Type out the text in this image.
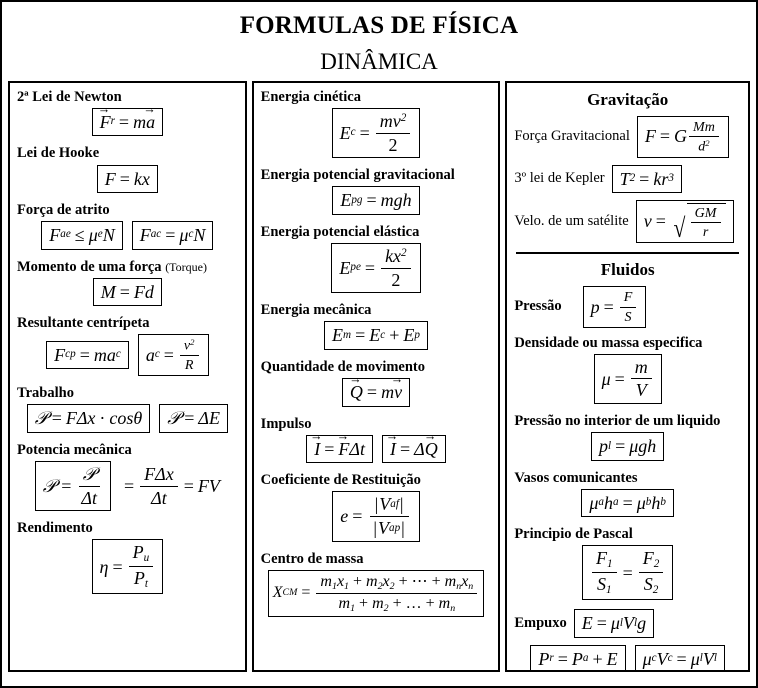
FORMULAS DE FÍSICA
DINÂMICA
2ª Lei de Newton
F → r = m a →
Lei de Hooke
F = kx
Força de atrito
F ae ≤ μ e N F ac = μ c N
Momento de uma força (Torque)
M = Fd
Resultante centrípeta
F cp = ma c a $c = \frac{v^2}{R}$
Trabalho
𝒫 = FΔx · cosθ 𝒫 = ΔE
Potencia mecânica
𝒫  = $\frac{\text{𝒫}}{\Delta t} = \frac{\text{FΔx}}{\Delta t}$ = FV
Rendimento
$\eta = \frac{P_u}{P_t}$
Energia cinética
E $c = \frac{mv^2}{2}$
Energia potencial gravitacional
E pg = mgh
Energia potencial elástica
E pe = $\frac{kx^2}{2}$
Energia mecânica
E m = E c + E p
Quantidade de movimento
Q → = m v →
Impulso
I → = F → Δt I → = Δ Q →
Coeficiente de Restituição
$e = \frac{\text{| V af |}}{\text{| V ap |}}$
Centro de massa
X CM = $\frac{m_1x_1 + m_2x_2 + \cdots + m_nx_n}{m_1 + m_2 + \dots + m_n}$
Gravitação
Força Gravitacional F = G $\frac{Mm}{d^2}$
3º lei de Kepler T 2 = kr 3
Velo. de um satélite v = √ $\frac{GM}{r}$
Fluidos
Pressão $p = \frac{F}{S}$
Densidade ou massa especifica
$\mu = \frac{m}{V}$
Pressão no interior de um liquido
p l = μgh
Vasos comunicantes
μ a h a = μ b h b
Principio de Pascal
$\frac{F_1}{S_1} = \frac{F_2}{S_2}$
Empuxo E = μ l V l g
P r = P a + E μ c V c = μ l V l
